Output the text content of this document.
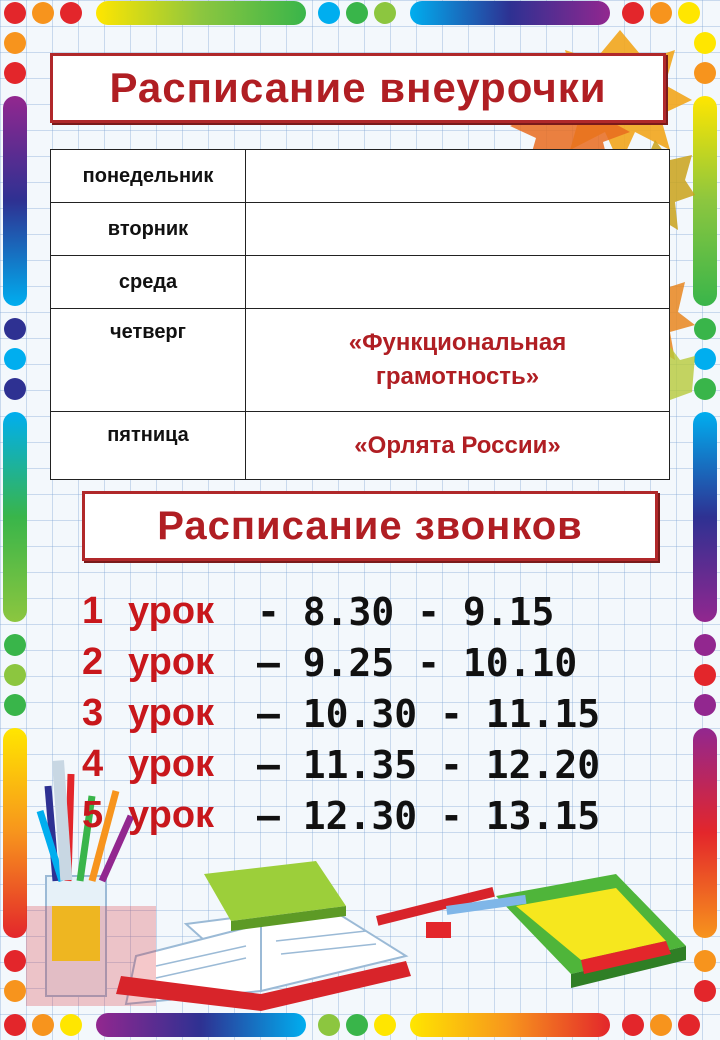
Расписание внеурочки
понедельник	
вторник	
среда	
четверг	«Функциональная грамотность»
пятница	«Орлята России»
Расписание звонков
1 урок - 8.30 - 9.15
2 урок – 9.25 - 10.10
3 урок – 10.30 - 11.15
4 урок – 11.35 - 12.20
5 урок – 12.30 - 13.15
